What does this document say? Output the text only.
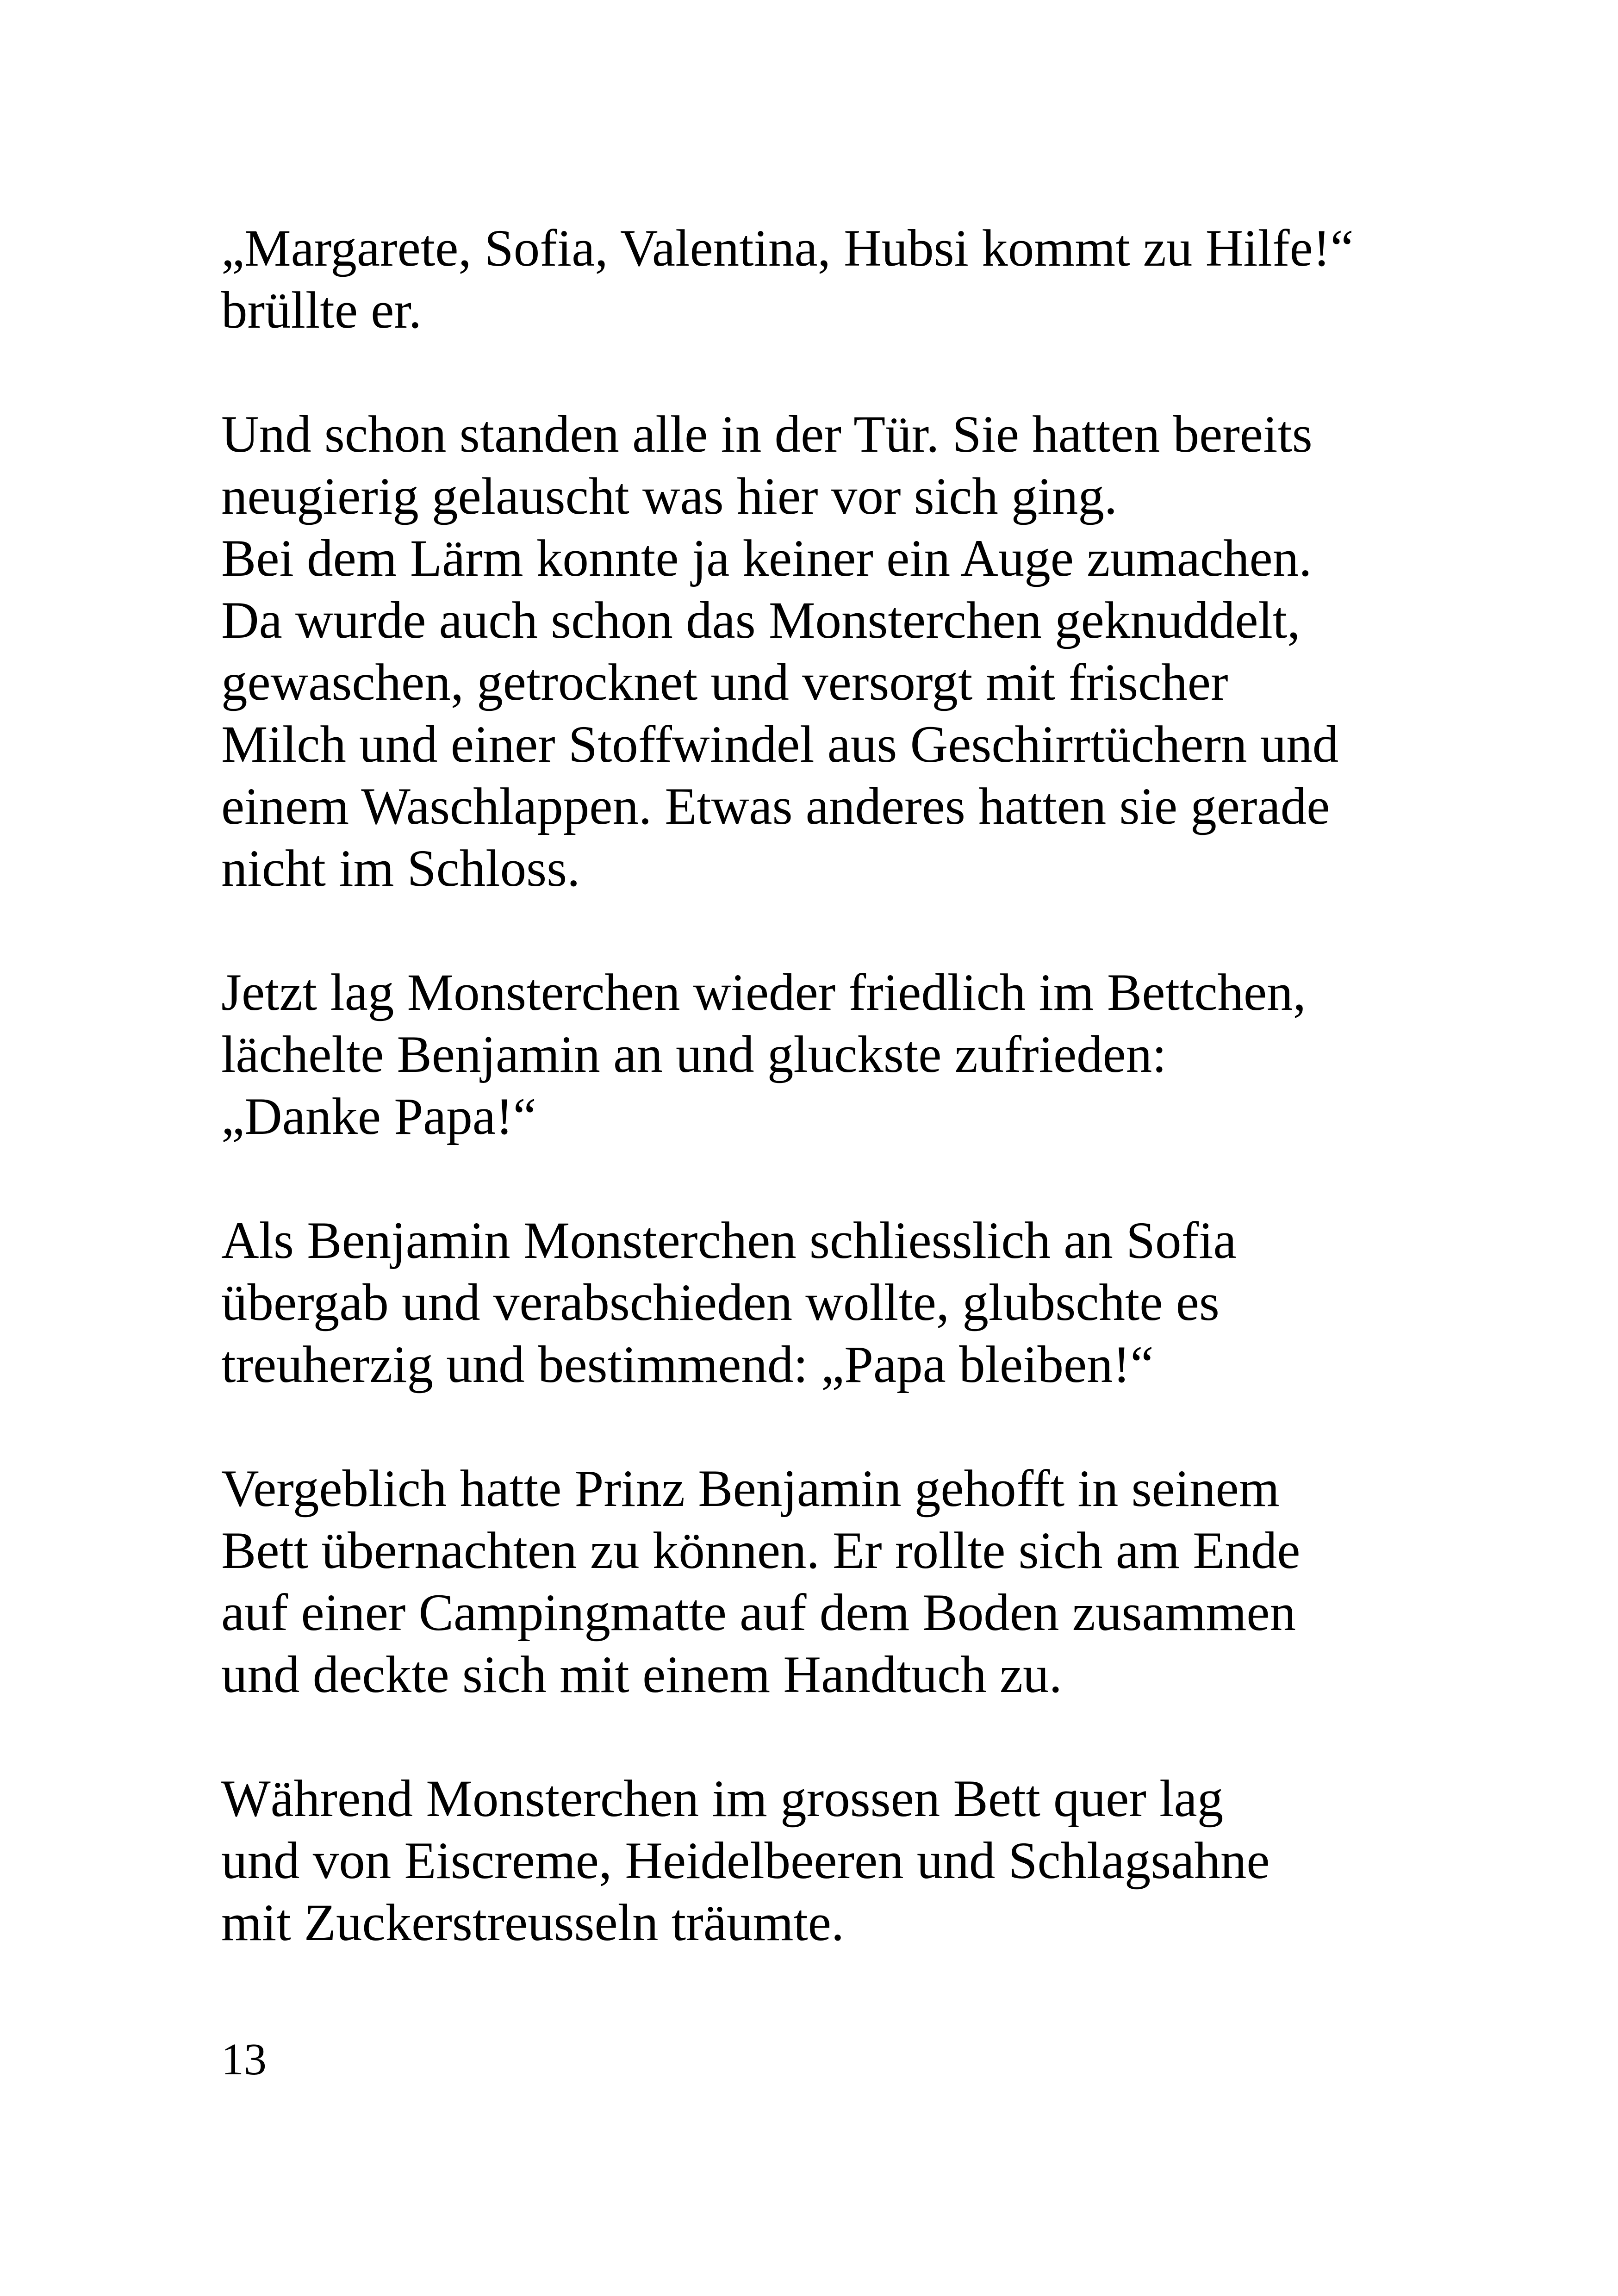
„Margarete, Sofia, Valentina, Hubsi kommt zu Hilfe!“
brüllte er.
Und schon standen alle in der Tür. Sie hatten bereits
neugierig gelauscht was hier vor sich ging.
Bei dem Lärm konnte ja keiner ein Auge zumachen.
Da wurde auch schon das Monsterchen geknuddelt,
gewaschen, getrocknet und versorgt mit frischer
Milch und einer Stoffwindel aus Geschirrtüchern und
einem Waschlappen. Etwas anderes hatten sie gerade
nicht im Schloss.
Jetzt lag Monsterchen wieder friedlich im Bettchen,
lächelte Benjamin an und gluckste zufrieden:
„Danke Papa!“
Als Benjamin Monsterchen schliesslich an Sofia
übergab und verabschieden wollte, glubschte es
treuherzig und bestimmend: „Papa bleiben!“
Vergeblich hatte Prinz Benjamin gehofft in seinem
Bett übernachten zu können. Er rollte sich am Ende
auf einer Campingmatte auf dem Boden zusammen
und deckte sich mit einem Handtuch zu.
Während Monsterchen im grossen Bett quer lag
und von Eiscreme, Heidelbeeren und Schlagsahne
mit Zuckerstreusseln träumte.
13
